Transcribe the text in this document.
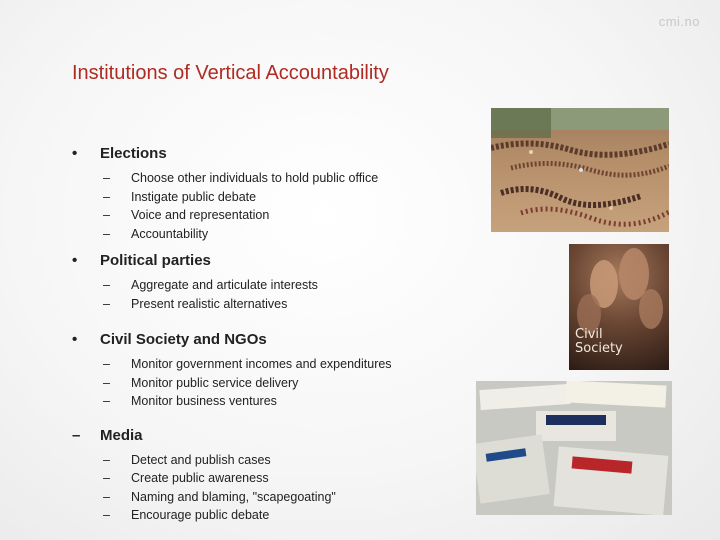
cmi.no
Institutions of Vertical Accountability
•	Elections
–	Choose other individuals to hold public office
–	Instigate public debate
–	Voice and representation
–	Accountability
•	Political parties
–	Aggregate and articulate interests
–	Present realistic alternatives
•	Civil Society and NGOs
–	Monitor government incomes and expenditures
–	Monitor public service delivery
–	Monitor business ventures
–	Media
–	Detect and publish cases
–	Create public awareness
–	Naming and blaming, "scapegoating"
–	Encourage public debate
Civil
Society
